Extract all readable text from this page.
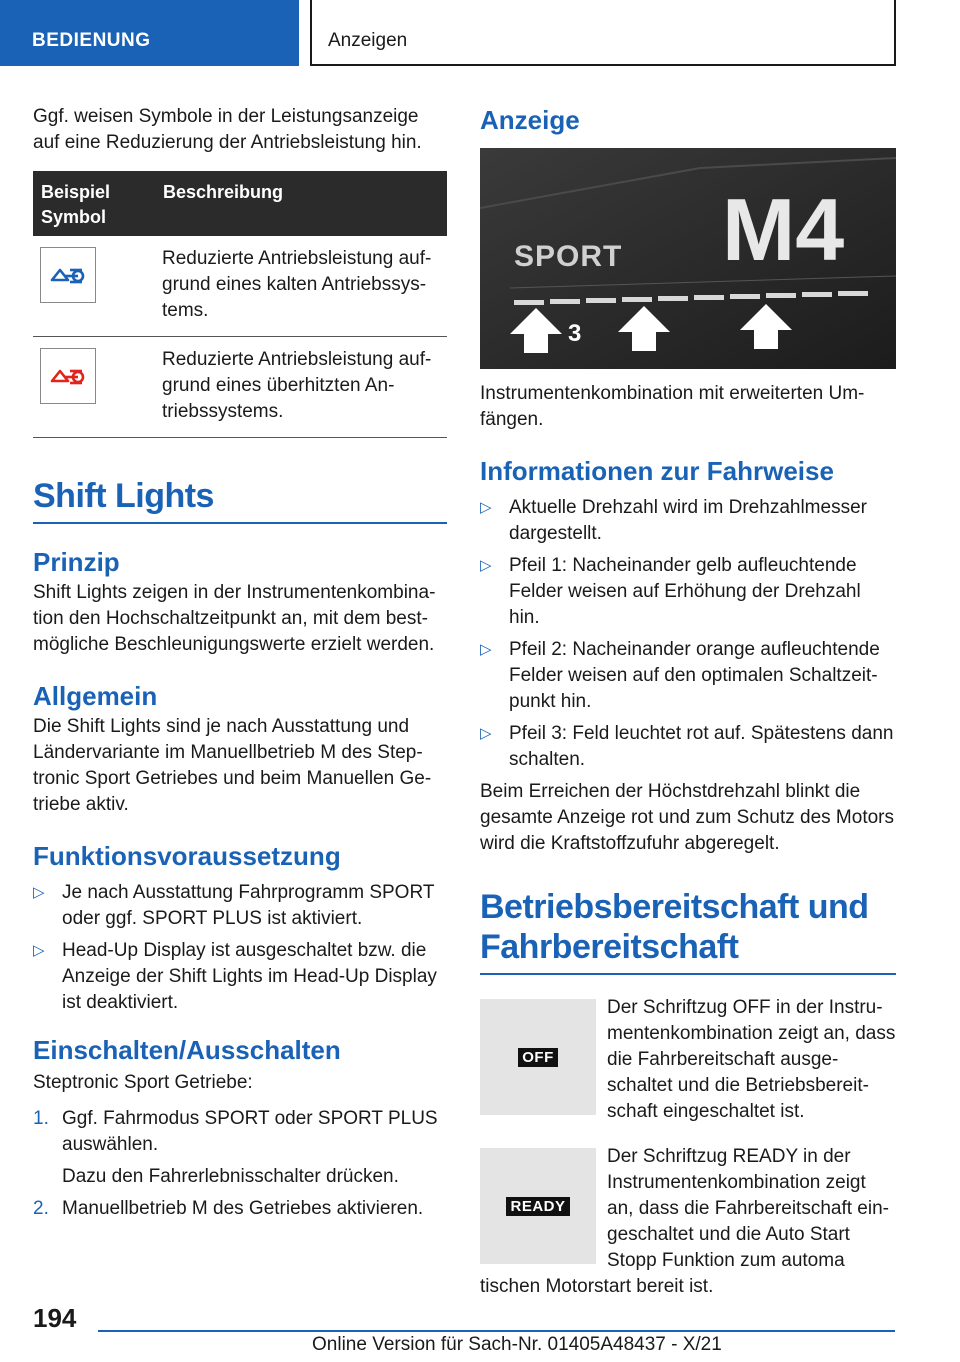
BEDIENUNG	Anzeigen

Ggf. weisen Symbole in der Leistungsanzeige auf eine Reduzierung der Antriebsleistung hin.

Beispiel Symbol	Beschreibung

	Reduzierte Antriebsleistung aufgrund eines kalten Antriebssystems.

	Reduzierte Antriebsleistung aufgrund eines überhitzten Antriebssystems.
Shift Lights
Prinzip

Shift Lights zeigen in der Instrumentenkombination den Hochschaltzeitpunkt an, mit dem bestmögliche Beschleunigungswerte erzielt werden.

Allgemein

Die Shift Lights sind je nach Ausstattung und Ländervariante im Manuellbetrieb M des Steptronic Sport Getriebes und beim Manuellen Getriebe aktiv.

Funktionsvoraussetzung
▷ Je nach Ausstattung Fahrprogramm SPORT oder ggf. SPORT PLUS ist aktiviert.
▷ Head-Up Display ist ausgeschaltet bzw. die Anzeige der Shift Lights im Head-Up Display ist deaktiviert.
Einschalten/Ausschalten

Steptronic Sport Getriebe:

1. Ggf. Fahrmodus SPORT oder SPORT PLUS auswählen.
Dazu den Fahrerlebnisschalter drücken.
2. Manuellbetrieb M des Getriebes aktivieren.
Anzeige
SPORT M4
3 2	1

Instrumentenkombination mit erweiterten Umfängen.

Informationen zur Fahrweise
▷ Aktuelle Drehzahl wird im Drehzahlmesser dargestellt.
▷ Pfeil 1: Nacheinander gelb aufleuchtende Felder weisen auf Erhöhung der Drehzahl hin.
▷ Pfeil 2: Nacheinander orange aufleuchtende Felder weisen auf den optimalen Schaltzeitpunkt hin.
▷ Pfeil 3: Feld leuchtet rot auf. Spätestens dann schalten.

Beim Erreichen der Höchstdrehzahl blinkt die gesamte Anzeige rot und zum Schutz des Motors wird die Kraftstoffzufuhr abgeregelt.

Betriebsbereitschaft und Fahrbereitschaft
OFF

Der Schriftzug OFF in der Instrumentenkombination zeigt an, dass die Fahrbereitschaft ausgeschaltet und die Betriebsbereitschaft eingeschaltet ist.

READY

Der Schriftzug READY in der Instrumentenkombination zeigt an, dass die Fahrbereitschaft eingeschaltet und die Auto Start Stopp Funktion zum automa

tischen Motorstart bereit ist.

194
Online Version für Sach-Nr. 01405A48437 - X/21
